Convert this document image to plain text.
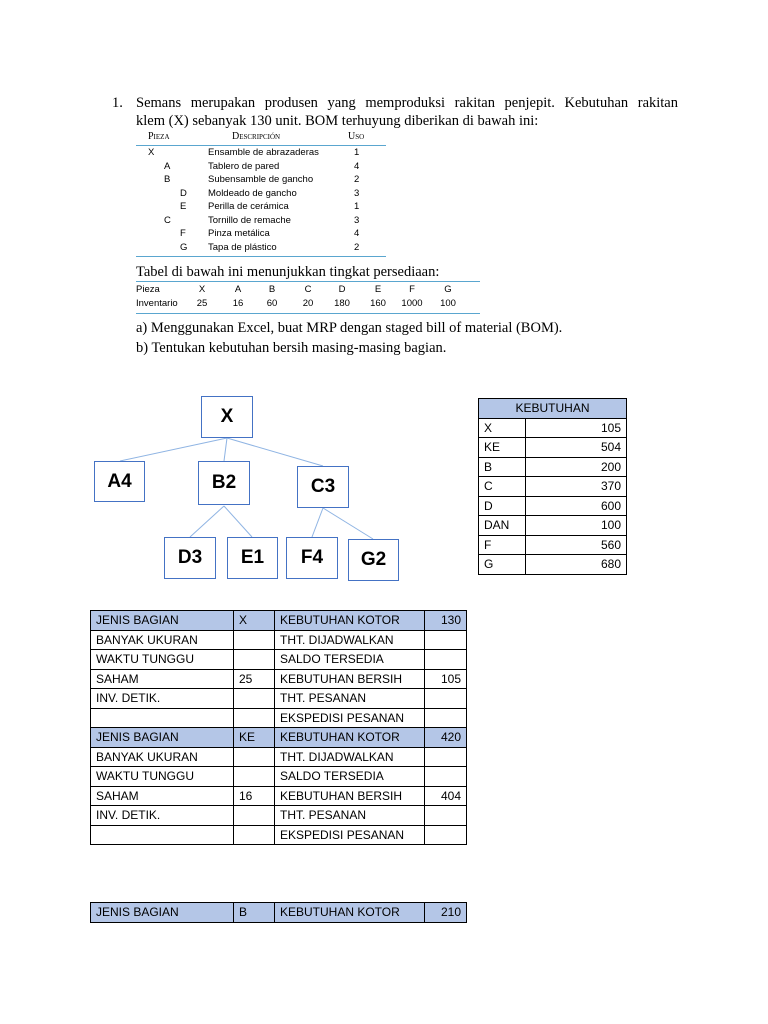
1. Semans merupakan produsen yang memproduksi rakitan penjepit. Kebutuhan rakitan
klem (X) sebanyak 130 unit. BOM terhuyung diberikan di bawah ini:
Pieza	Descripción	Uso
X	Ensamble de abrazaderas	1
A	Tablero de pared	4
B	Subensamble de gancho	2
D Moldeado de gancho	3
E Perilla de cerámica	1
C	Tornillo de remache	3
F Pinza metálica	4
G Tapa de plástico	2
Tabel di bawah ini menunjukkan tingkat persediaan:
Pieza	X	A	B	C	D	E	F	G
Inventario	25	16	60	20	180	160	1000	100
a) Menggunakan Excel, buat MRP dengan staged bill of material (BOM).
b) Tentukan kebutuhan bersih masing-masing bagian.
X
A4	B2	C3
D3	E1	F4	G2
KEBUTUHAN	
X	105
KE	504
B	200
C	370
D	600
DAN	100
F	560
G	680
JENIS BAGIAN	X	KEBUTUHAN KOTOR	130
BANYAK UKURAN		THT. DIJADWALKAN	
WAKTU TUNGGU		SALDO TERSEDIA	
SAHAM	25	KEBUTUHAN BERSIH	105
INV. DETIK.		THT. PESANAN	
		EKSPEDISI PESANAN	
JENIS BAGIAN	KE	KEBUTUHAN KOTOR	420
BANYAK UKURAN		THT. DIJADWALKAN	
WAKTU TUNGGU		SALDO TERSEDIA	
SAHAM	16	KEBUTUHAN BERSIH	404
INV. DETIK.		THT. PESANAN	
		EKSPEDISI PESANAN	
JENIS BAGIAN	B	KEBUTUHAN KOTOR	210
